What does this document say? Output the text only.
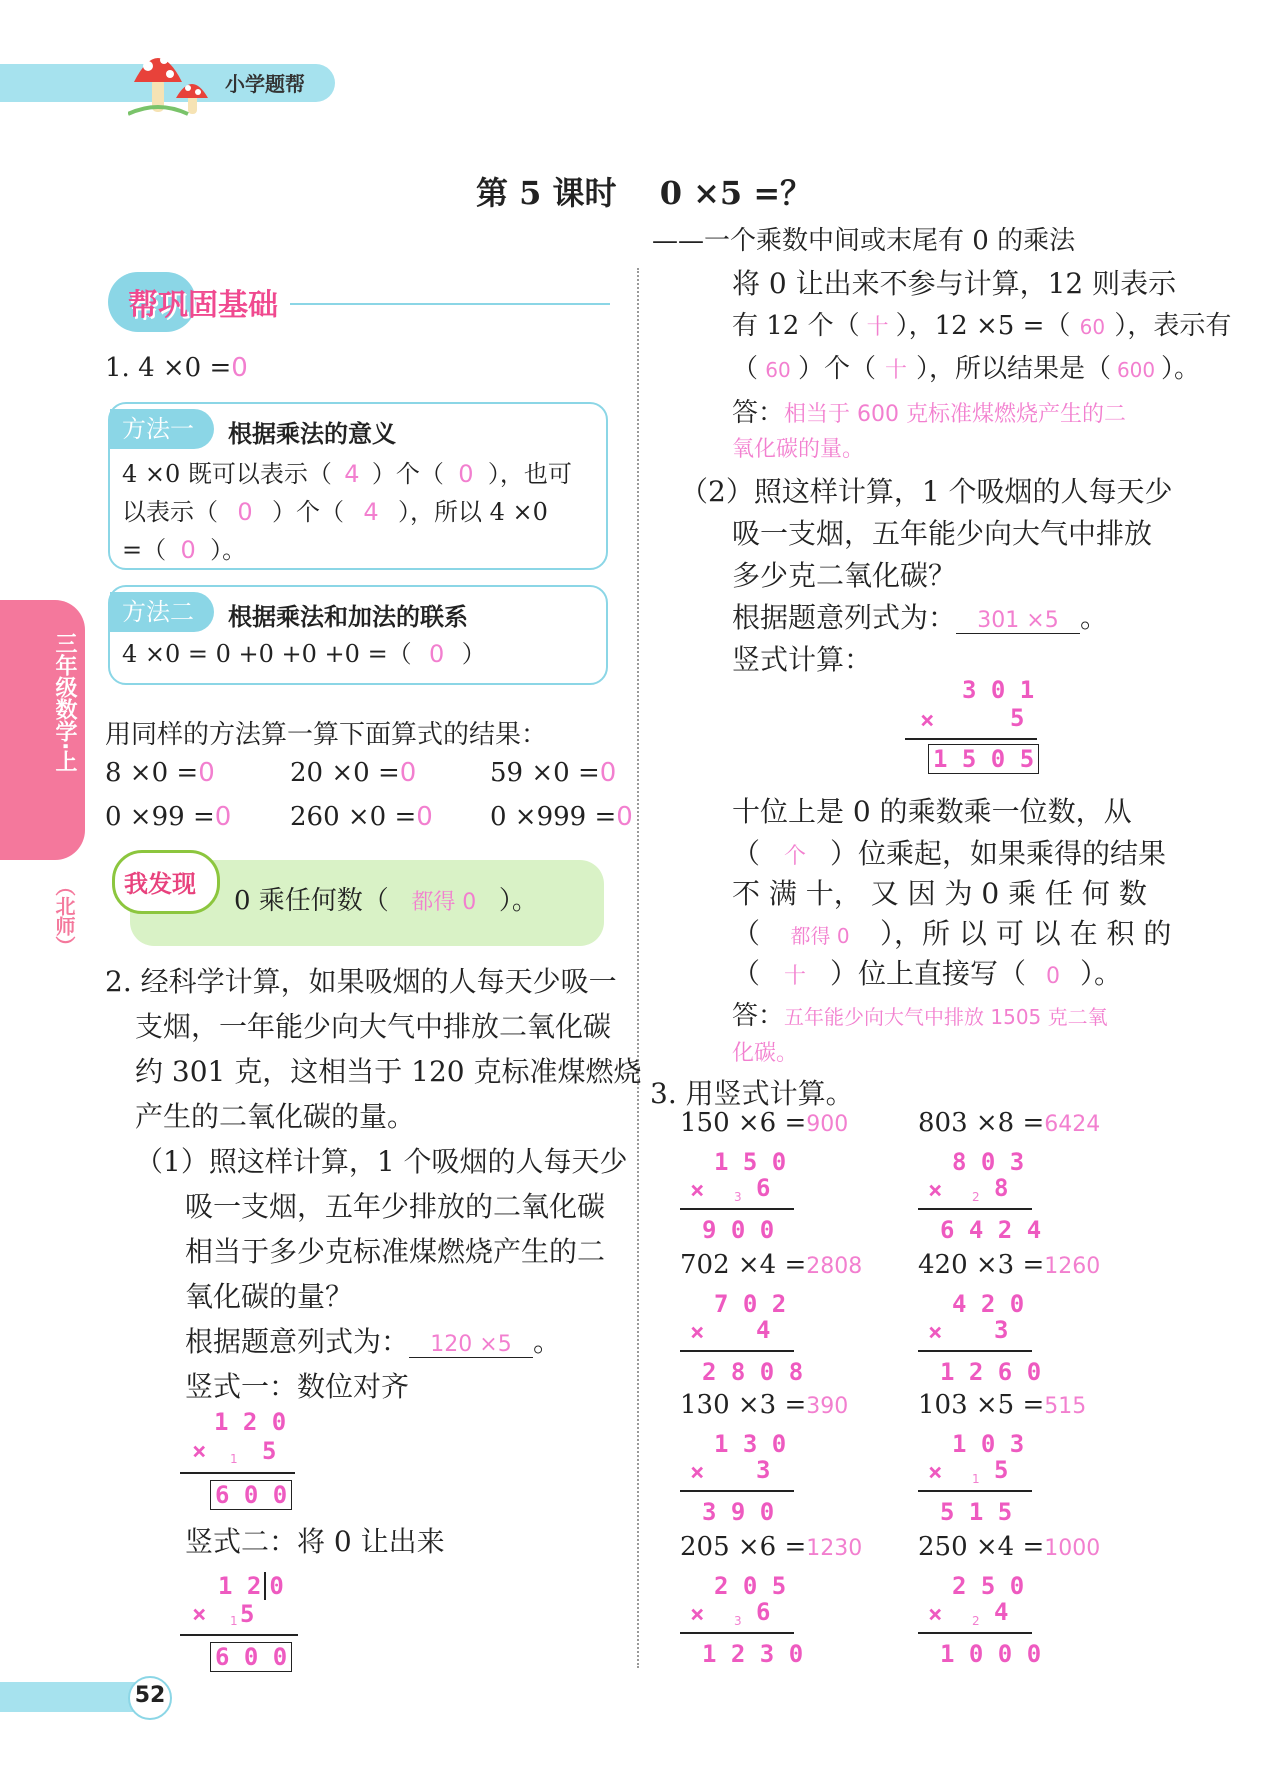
小学题帮
三年级数学·上
（北师）
第 5 课时 0 ×5 =？
——一个乘数中间或末尾有 0 的乘法
帮巩固基础
1. 4 ×0 =0
方法一	根据乘法的意义
4 ×0 既可以表示（ 4 ）个（ 0 ），也可
以表示（ 0 ）个（ 4 ），所以 4 ×0
=（ 0 ）。
方法二	根据乘法和加法的联系
4 ×0 = 0 +0 +0 +0 =（ 0 ）
用同样的方法算一算下面算式的结果：
8 ×0 =0	20 ×0 =0	59 ×0 =0
0 ×99 =0 260 ×0 =0 0 ×999 =0
我发现
0 乘任何数（ 都得 0 ）。
2. 经科学计算，如果吸烟的人每天少吸一
支烟，一年能少向大气中排放二氧化碳
约 301 克，这相当于 120 克标准煤燃烧
产生的二氧化碳的量。
（1）照这样计算，1 个吸烟的人每天少
吸一支烟，五年少排放的二氧化碳
相当于多少克标准煤燃烧产生的二
氧化碳的量？
根据题意列式为： 120 ×5 。
竖式一：数位对齐
1 2 0
× 1 5
6 0 0
竖式二：将 0 让出来
1 2 0
× 1 5
6 0 0
将 0 让出来不参与计算，12 则表示
有 12 个（ 十 ），12 ×5 =（ 60 ），表示有
（ 60 ）个（ 十 ），所以结果是（ 600 ）。
答：相当于 600 克标准煤燃烧产生的二
氧化碳的量。
（2）照这样计算，1 个吸烟的人每天少
吸一支烟，五年能少向大气中排放
多少克二氧化碳？
根据题意列式为： 301 ×5 。
竖式计算：
3 0 1
×	5
1 5 0 5
十位上是 0 的乘数乘一位数，从
（ 个 ）位乘起，如果乘得的结果
不 满 十， 又 因 为 0 乘 任 何 数
（ 都得 0 ），所 以 可 以 在 积 的
（ 十 ）位上直接写（ 0 ）。
答：五年能少向大气中排放 1505 克二氧
化碳。
3. 用竖式计算。
150 ×6 =900
1 5 0
× 3 6
9 0 0
803 ×8 =6424
8 0 3
× 2 8
6 4 2 4
702 ×4 =2808
7 0 2
× 4
2 8 0 8
420 ×3 =1260
4 2 0
× 3
1 2 6 0
130 ×3 =390
1 3 0
× 3
3 9 0
103 ×5 =515
1 0 3
× 1 5
5 1 5
205 ×6 =1230
2 0 5
× 3 6
1 2 3 0
250 ×4 =1000
2 5 0
× 2 4
1 0 0 0
52
